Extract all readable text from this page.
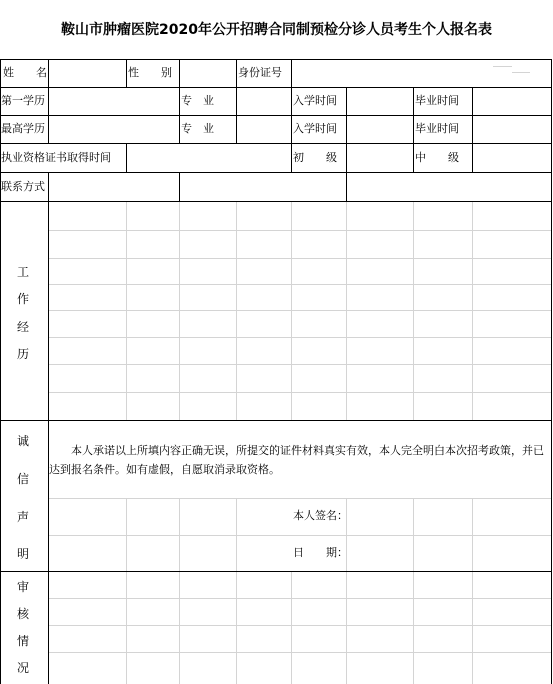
鞍山市肿瘤医院2020年公开招聘合同制预检分诊人员考生个人报名表
姓　　名	性　　别	身份证号
第一学历	专　业	入学时间	毕业时间
最高学历	专　业	入学时间	毕业时间
执业资格证书取得时间	初　　级	中　　级
联系方式
工
作
经
历
诚
信
声
明
　　本人承诺以上所填内容正确无误，所提交的证件材料真实有效，本人完全明白本次招考政策，并已达到报名条件。如有虚假，自愿取消录取资格。
本人签名：
日　　期：
审
核
情
况
